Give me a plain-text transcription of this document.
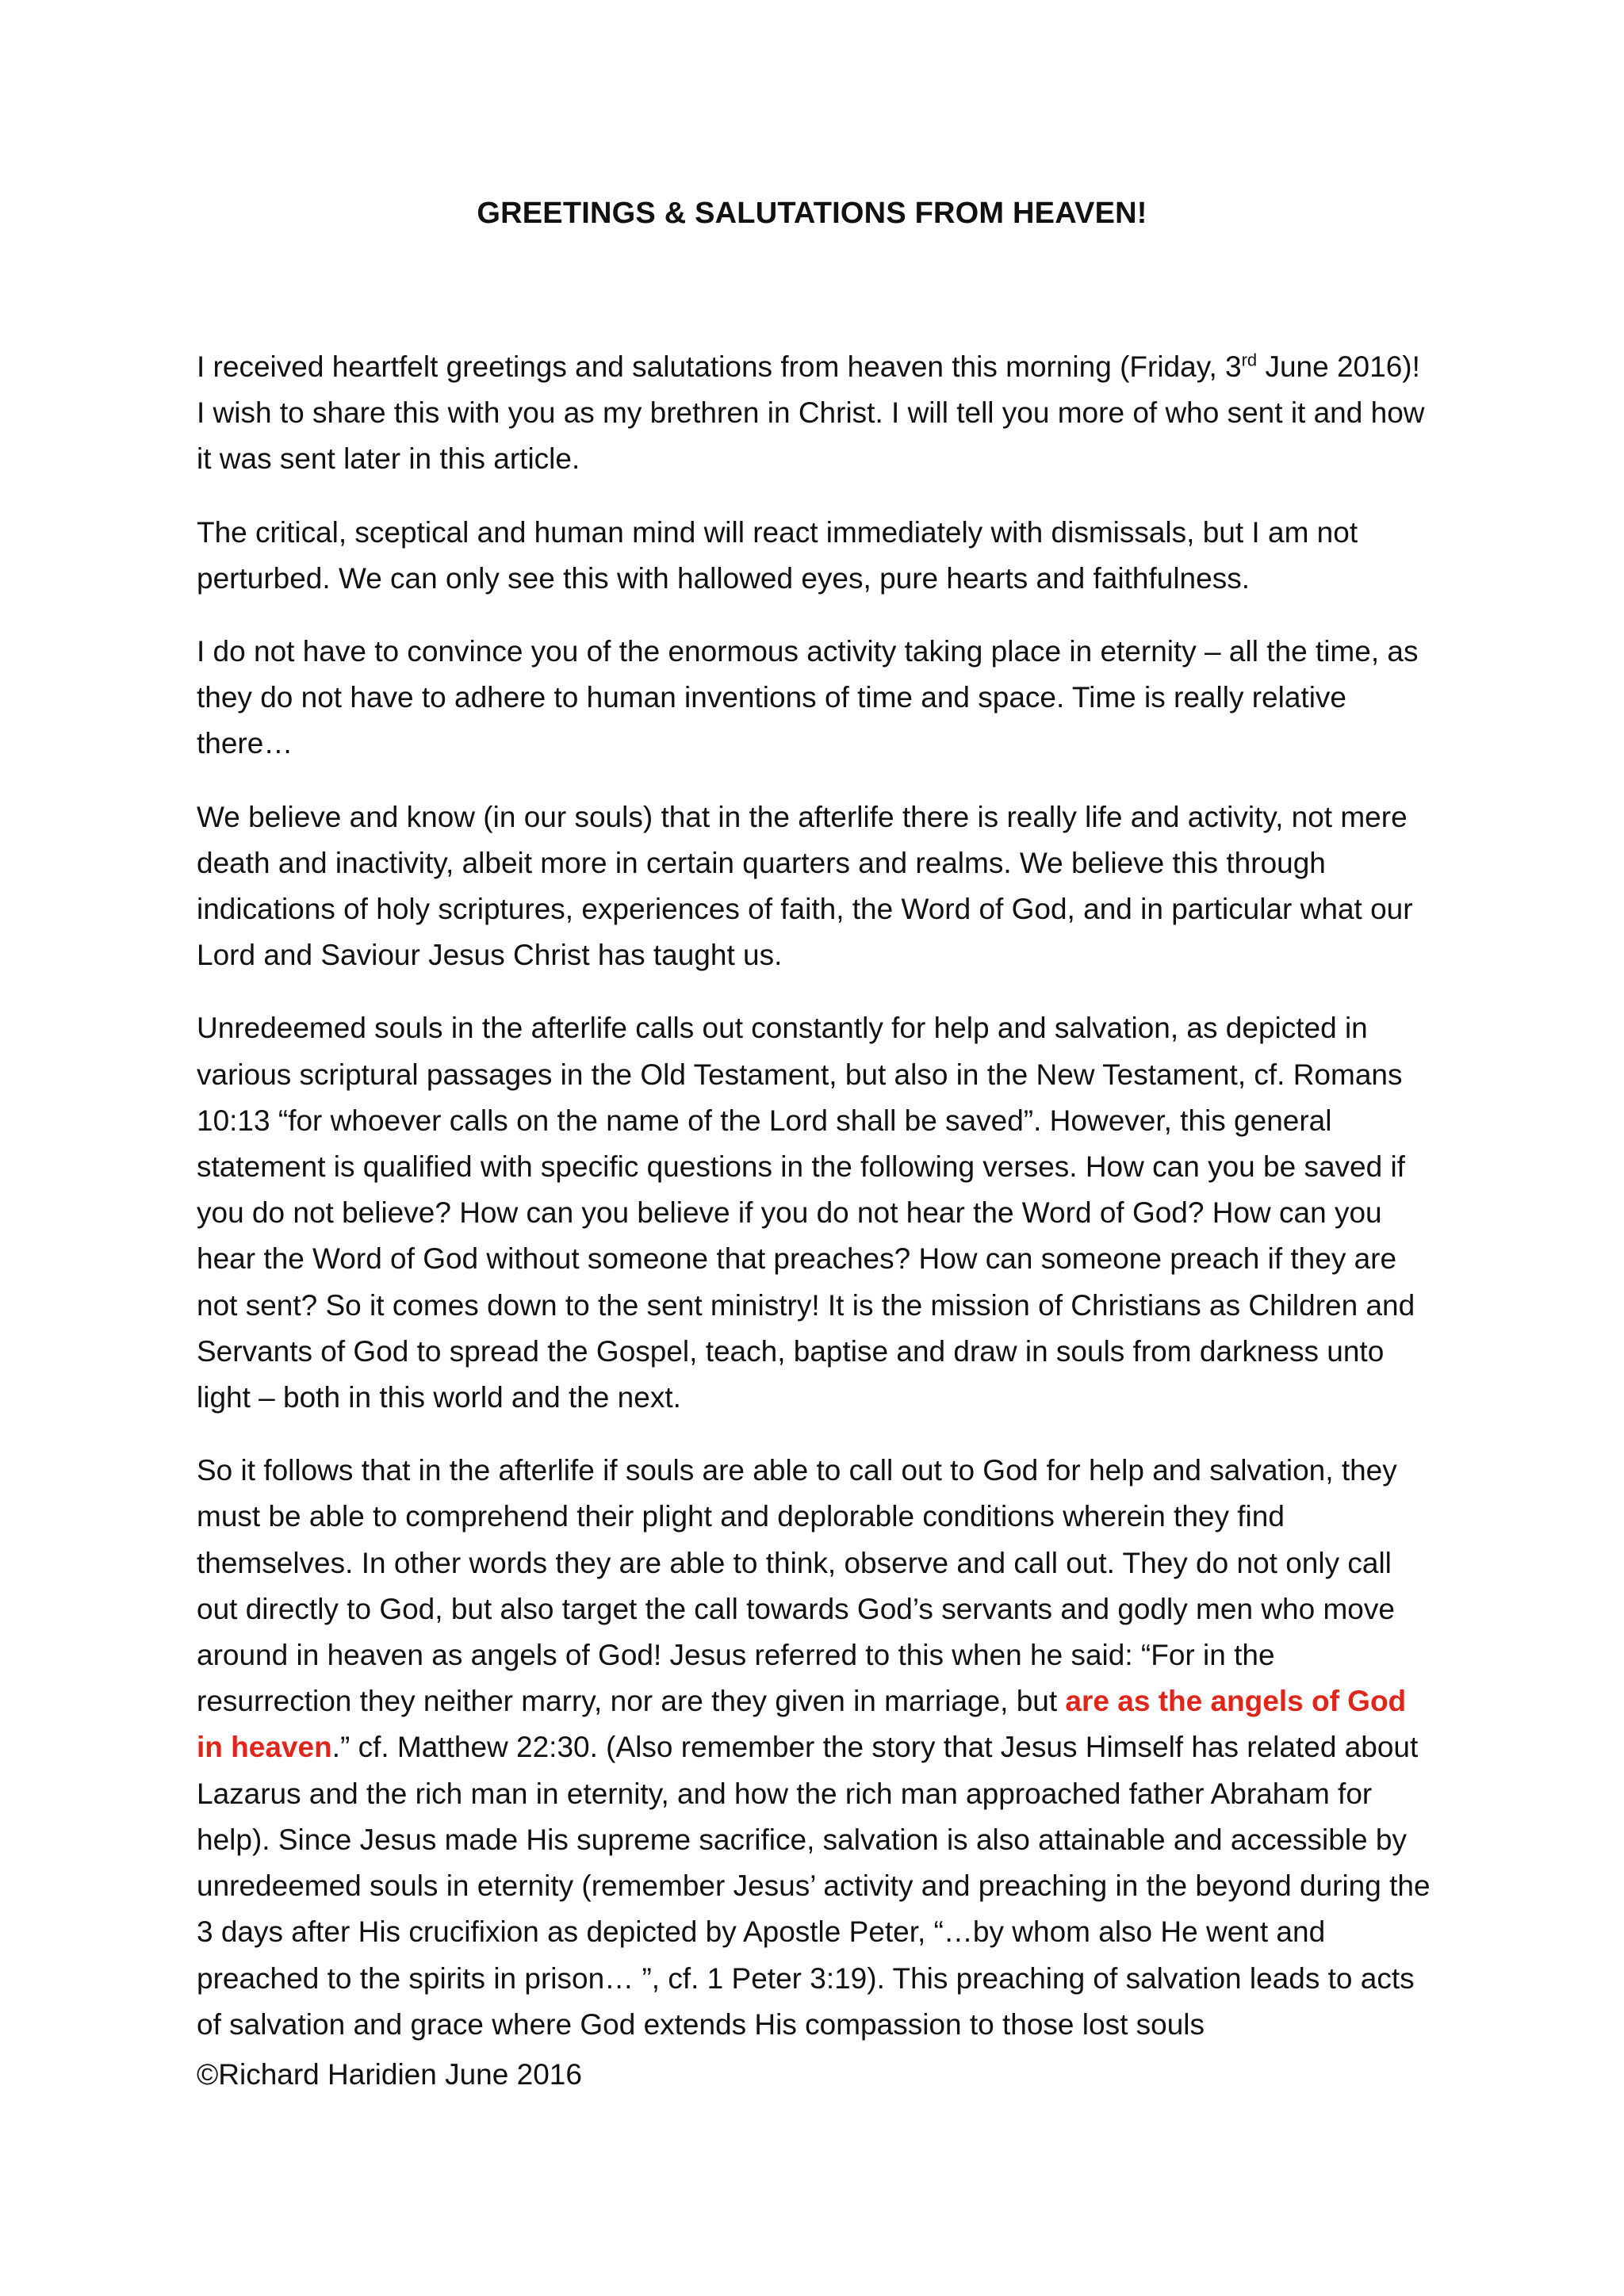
GREETINGS & SALUTATIONS FROM HEAVEN!

I received heartfelt greetings and salutations from heaven this morning (Friday, 3rd June 2016)! I wish to share this with you as my brethren in Christ. I will tell you more of who sent it and how it was sent later in this article.

The critical, sceptical and human mind will react immediately with dismissals, but I am not perturbed. We can only see this with hallowed eyes, pure hearts and faithfulness.

I do not have to convince you of the enormous activity taking place in eternity – all the time, as they do not have to adhere to human inventions of time and space. Time is really relative there…

We believe and know (in our souls) that in the afterlife there is really life and activity, not mere death and inactivity, albeit more in certain quarters and realms. We believe this through indications of holy scriptures, experiences of faith, the Word of God, and in particular what our Lord and Saviour Jesus Christ has taught us.

Unredeemed souls in the afterlife calls out constantly for help and salvation, as depicted in various scriptural passages in the Old Testament, but also in the New Testament, cf. Romans 10:13 “for whoever calls on the name of the Lord shall be saved”. However, this general statement is qualified with specific questions in the following verses. How can you be saved if you do not believe? How can you believe if you do not hear the Word of God? How can you hear the Word of God without someone that preaches? How can someone preach if they are not sent? So it comes down to the sent ministry! It is the mission of Christians as Children and Servants of God to spread the Gospel, teach, baptise and draw in souls from darkness unto light – both in this world and the next.

So it follows that in the afterlife if souls are able to call out to God for help and salvation, they must be able to comprehend their plight and deplorable conditions wherein they find themselves. In other words they are able to think, observe and call out. They do not only call out directly to God, but also target the call towards God’s servants and godly men who move around in heaven as angels of God! Jesus referred to this when he said: “For in the resurrection they neither marry, nor are they given in marriage, but are as the angels of God in heaven.” cf. Matthew 22:30. (Also remember the story that Jesus Himself has related about Lazarus and the rich man in eternity, and how the rich man approached father Abraham for help). Since Jesus made His supreme sacrifice, salvation is also attainable and accessible by unredeemed souls in eternity (remember Jesus’ activity and preaching in the beyond during the 3 days after His crucifixion as depicted by Apostle Peter, “…by whom also He went and preached to the spirits in prison… ”, cf. 1 Peter 3:19). This preaching of salvation leads to acts of salvation and grace where God extends His compassion to those lost souls

©Richard Haridien June 2016
